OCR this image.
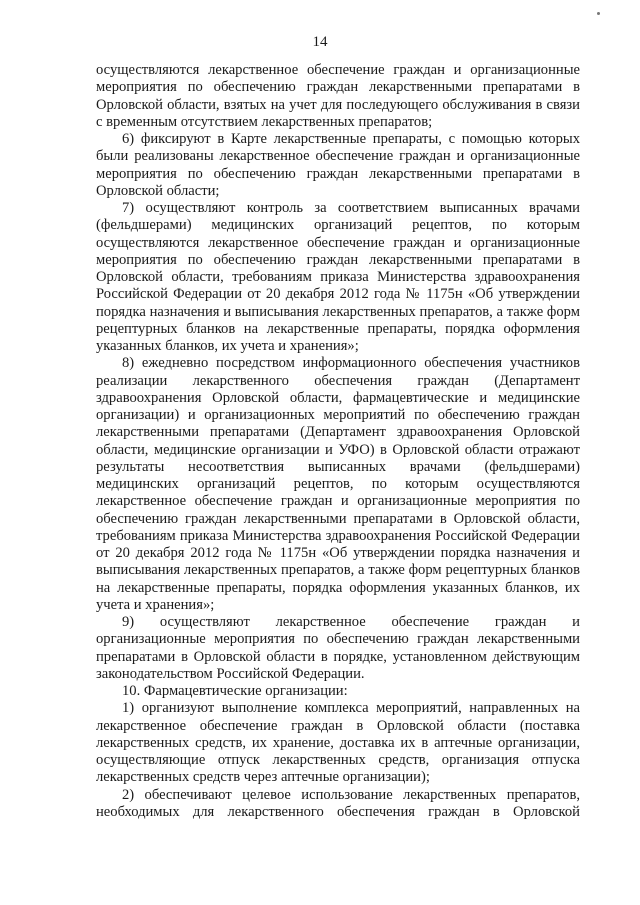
14

осуществляются лекарственное обеспечение граждан и организационные мероприятия по обеспечению граждан лекарственными препаратами в Орловской области, взятых на учет для последующего обслуживания в связи с временным отсутствием лекарственных препаратов;

6) фиксируют в Карте лекарственные препараты, с помощью которых были реализованы лекарственное обеспечение граждан и организационные мероприятия по обеспечению граждан лекарственными препаратами в Орловской области;

7) осуществляют контроль за соответствием выписанных врачами (фельдшерами) медицинских организаций рецептов, по которым осуществляются лекарственное обеспечение граждан и организационные мероприятия по обеспечению граждан лекарственными препаратами в Орловской области, требованиям приказа Министерства здравоохранения Российской Федерации от 20 декабря 2012 года № 1175н «Об утверждении порядка назначения и выписывания лекарственных препаратов, а также форм рецептурных бланков на лекарственные препараты, порядка оформления указанных бланков, их учета и хранения»;

8) ежедневно посредством информационного обеспечения участников реализации лекарственного обеспечения граждан (Департамент здравоохранения Орловской области, фармацевтические и медицинские организации) и организационных мероприятий по обеспечению граждан лекарственными препаратами (Департамент здравоохранения Орловской области, медицинские организации и УФО) в Орловской области отражают результаты несоответствия выписанных врачами (фельдшерами) медицинских организаций рецептов, по которым осуществляются лекарственное обеспечение граждан и организационные мероприятия по обеспечению граждан лекарственными препаратами в Орловской области, требованиям приказа Министерства здравоохранения Российской Федерации от 20 декабря 2012 года № 1175н «Об утверждении порядка назначения и выписывания лекарственных препаратов, а также форм рецептурных бланков на лекарственные препараты, порядка оформления указанных бланков, их учета и хранения»;

9) осуществляют лекарственное обеспечение граждан и организационные мероприятия по обеспечению граждан лекарственными препаратами в Орловской области в порядке, установленном действующим законодательством Российской Федерации.

10. Фармацевтические организации:

1) организуют выполнение комплекса мероприятий, направленных на лекарственное обеспечение граждан в Орловской области (поставка лекарственных средств, их хранение, доставка их в аптечные организации, осуществляющие отпуск лекарственных средств, организация отпуска лекарственных средств через аптечные организации);

2) обеспечивают целевое использование лекарственных препаратов, необходимых для лекарственного обеспечения граждан в Орловской
